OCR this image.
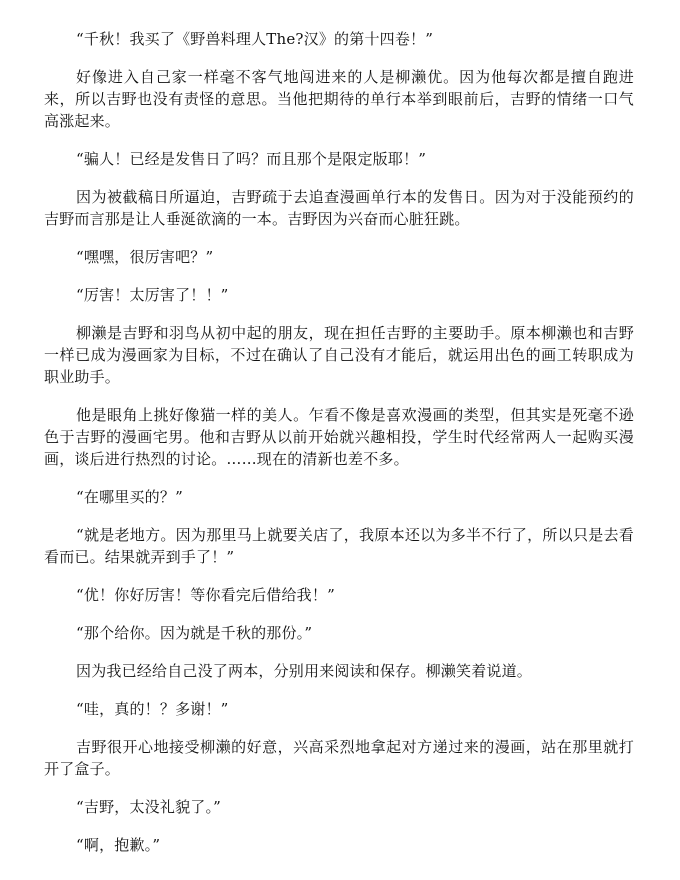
“千秋！我买了《野兽料理人The?汉》的第十四卷！”

好像进入自己家一样毫不客气地闯进来的人是柳濑优。因为他每次都是擅自跑进来，所以吉野也没有责怪的意思。当他把期待的单行本举到眼前后，吉野的情绪一口气高涨起来。

“骗人！已经是发售日了吗？而且那个是限定版耶！”

因为被截稿日所逼迫，吉野疏于去追查漫画单行本的发售日。因为对于没能预约的吉野而言那是让人垂涎欲滴的一本。吉野因为兴奋而心脏狂跳。

“嘿嘿，很厉害吧？”

“厉害！太厉害了！！”

柳濑是吉野和羽鸟从初中起的朋友，现在担任吉野的主要助手。原本柳濑也和吉野一样已成为漫画家为目标，不过在确认了自己没有才能后，就运用出色的画工转职成为职业助手。

他是眼角上挑好像猫一样的美人。乍看不像是喜欢漫画的类型，但其实是死毫不逊色于吉野的漫画宅男。他和吉野从以前开始就兴趣相投，学生时代经常两人一起购买漫画，谈后进行热烈的讨论。……现在的清新也差不多。

“在哪里买的？”

“就是老地方。因为那里马上就要关店了，我原本还以为多半不行了，所以只是去看看而已。结果就弄到手了！”

“优！你好厉害！等你看完后借给我！”

“那个给你。因为就是千秋的那份。”

因为我已经给自己没了两本，分别用来阅读和保存。柳濑笑着说道。

“哇，真的！？多谢！”

吉野很开心地接受柳濑的好意，兴高采烈地拿起对方递过来的漫画，站在那里就打开了盒子。

“吉野，太没礼貌了。”

“啊，抱歉。”
